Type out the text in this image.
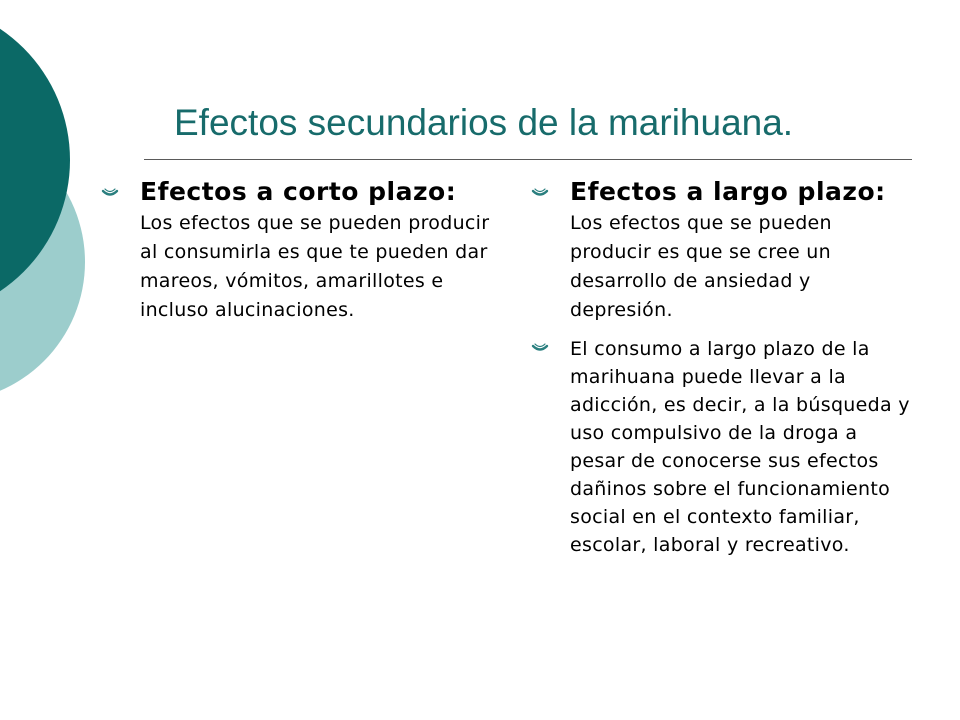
Efectos secundarios de la marihuana.
Efectos a corto plazo: Los efectos que se pueden producir al consumirla es que te pueden dar mareos, vómitos, amarillotes e incluso alucinaciones.
Efectos a largo plazo: Los efectos que se pueden producir es que se cree un desarrollo de ansiedad y depresión.
El consumo a largo plazo de la marihuana puede llevar a la adicción, es decir, a la búsqueda y uso compulsivo de la droga a pesar de conocerse sus efectos dañinos sobre el funcionamiento social en el contexto familiar, escolar, laboral y recreativo.
